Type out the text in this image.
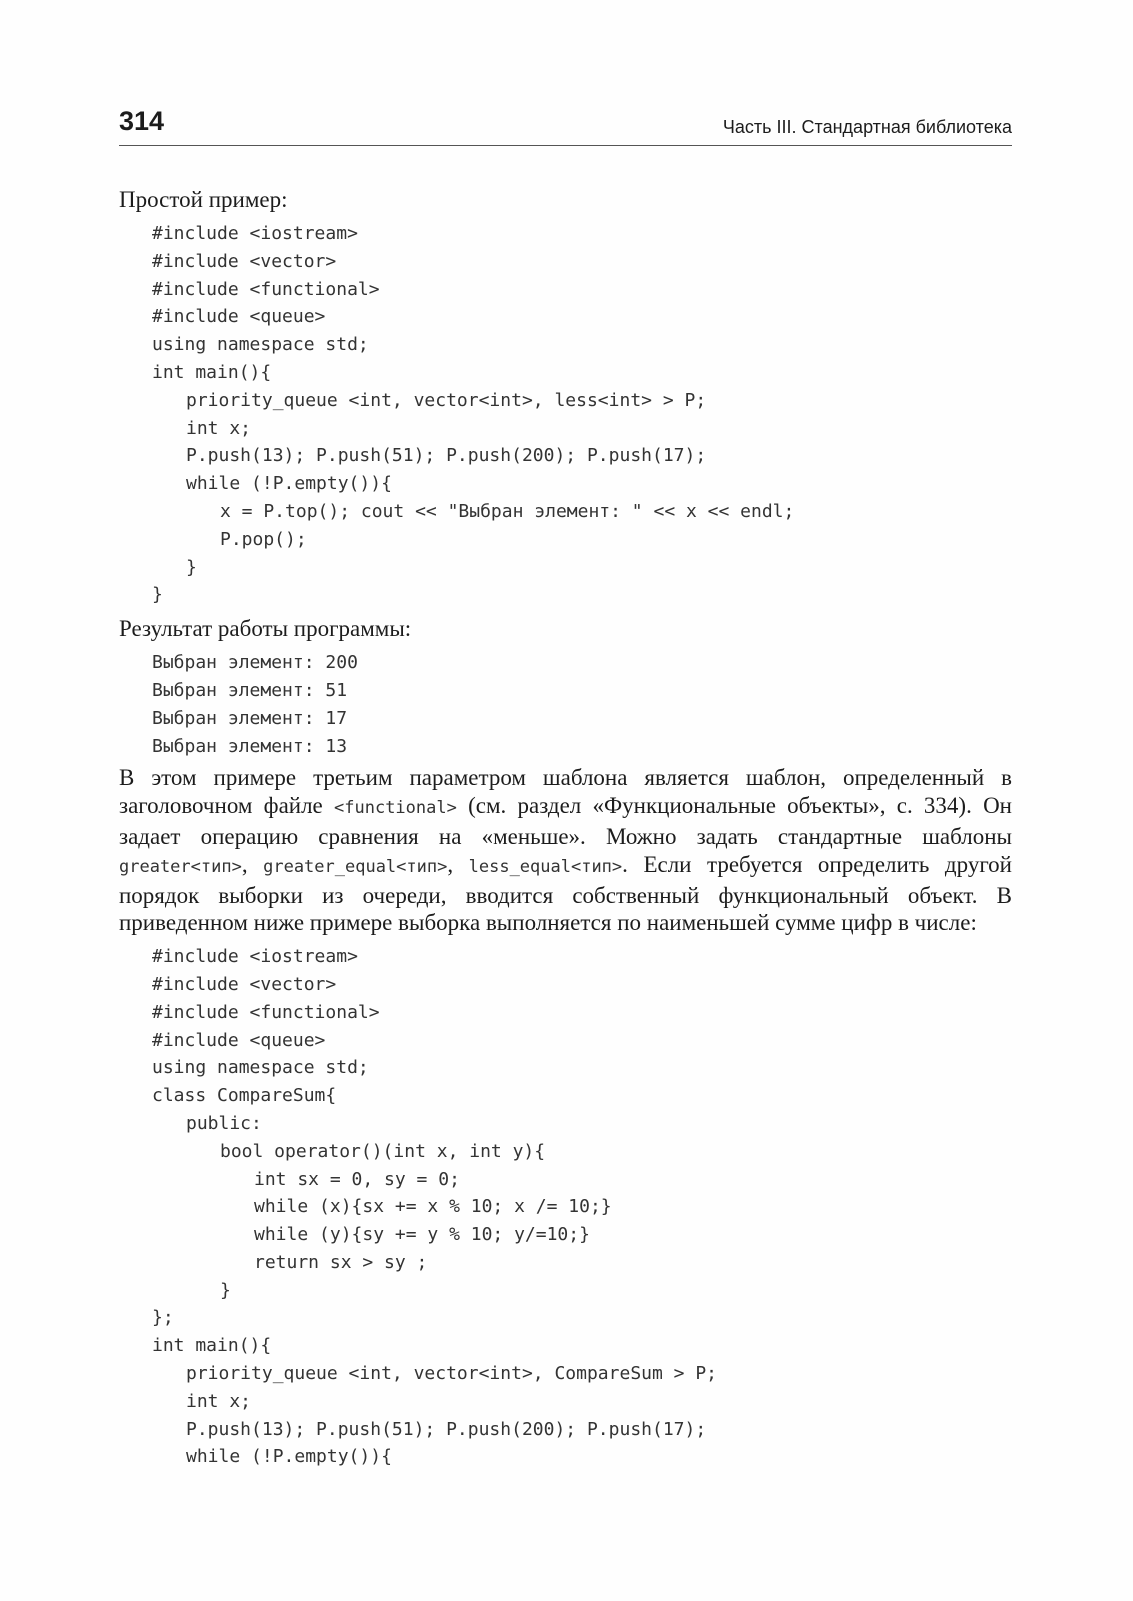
314	Часть III. Стандартная библиотека

Простой пример:

#include <iostream>
#include <vector>
#include <functional>
#include <queue>
using namespace std;
int main(){
priority_queue <int, vector<int>, less<int> > P;
int x;
P.push(13); P.push(51); P.push(200); P.push(17);
while (!P.empty()){
x = P.top(); cout << "Выбран элемент: " << x << endl;
P.pop();
}
}

Результат работы программы:

Выбран элемент: 200
Выбран элемент: 51
Выбран элемент: 17
Выбран элемент: 13

В этом примере третьим параметром шаблона является шаблон, определенный в заголовочном файле <functional> (см. раздел «Функциональные объекты», с. 334). Он задает операцию сравнения на «меньше». Можно задать стандартные шаблоны greater<тип>, greater_equal<тип>, less_equal<тип>. Если требуется определить другой порядок выборки из очереди, вводится собственный функциональный объект. В приведенном ниже примере выборка выполняется по наименьшей сумме цифр в числе:

#include <iostream>
#include <vector>
#include <functional>
#include <queue>
using namespace std;
class CompareSum{
public:
bool operator()(int x, int y){
int sx = 0, sy = 0;
while (x){sx += x % 10; x /= 10;}
while (y){sy += y % 10; y/=10;}
return sx > sy ;
}
};
int main(){
priority_queue <int, vector<int>, CompareSum > P;
int x;
P.push(13); P.push(51); P.push(200); P.push(17);
while (!P.empty()){
